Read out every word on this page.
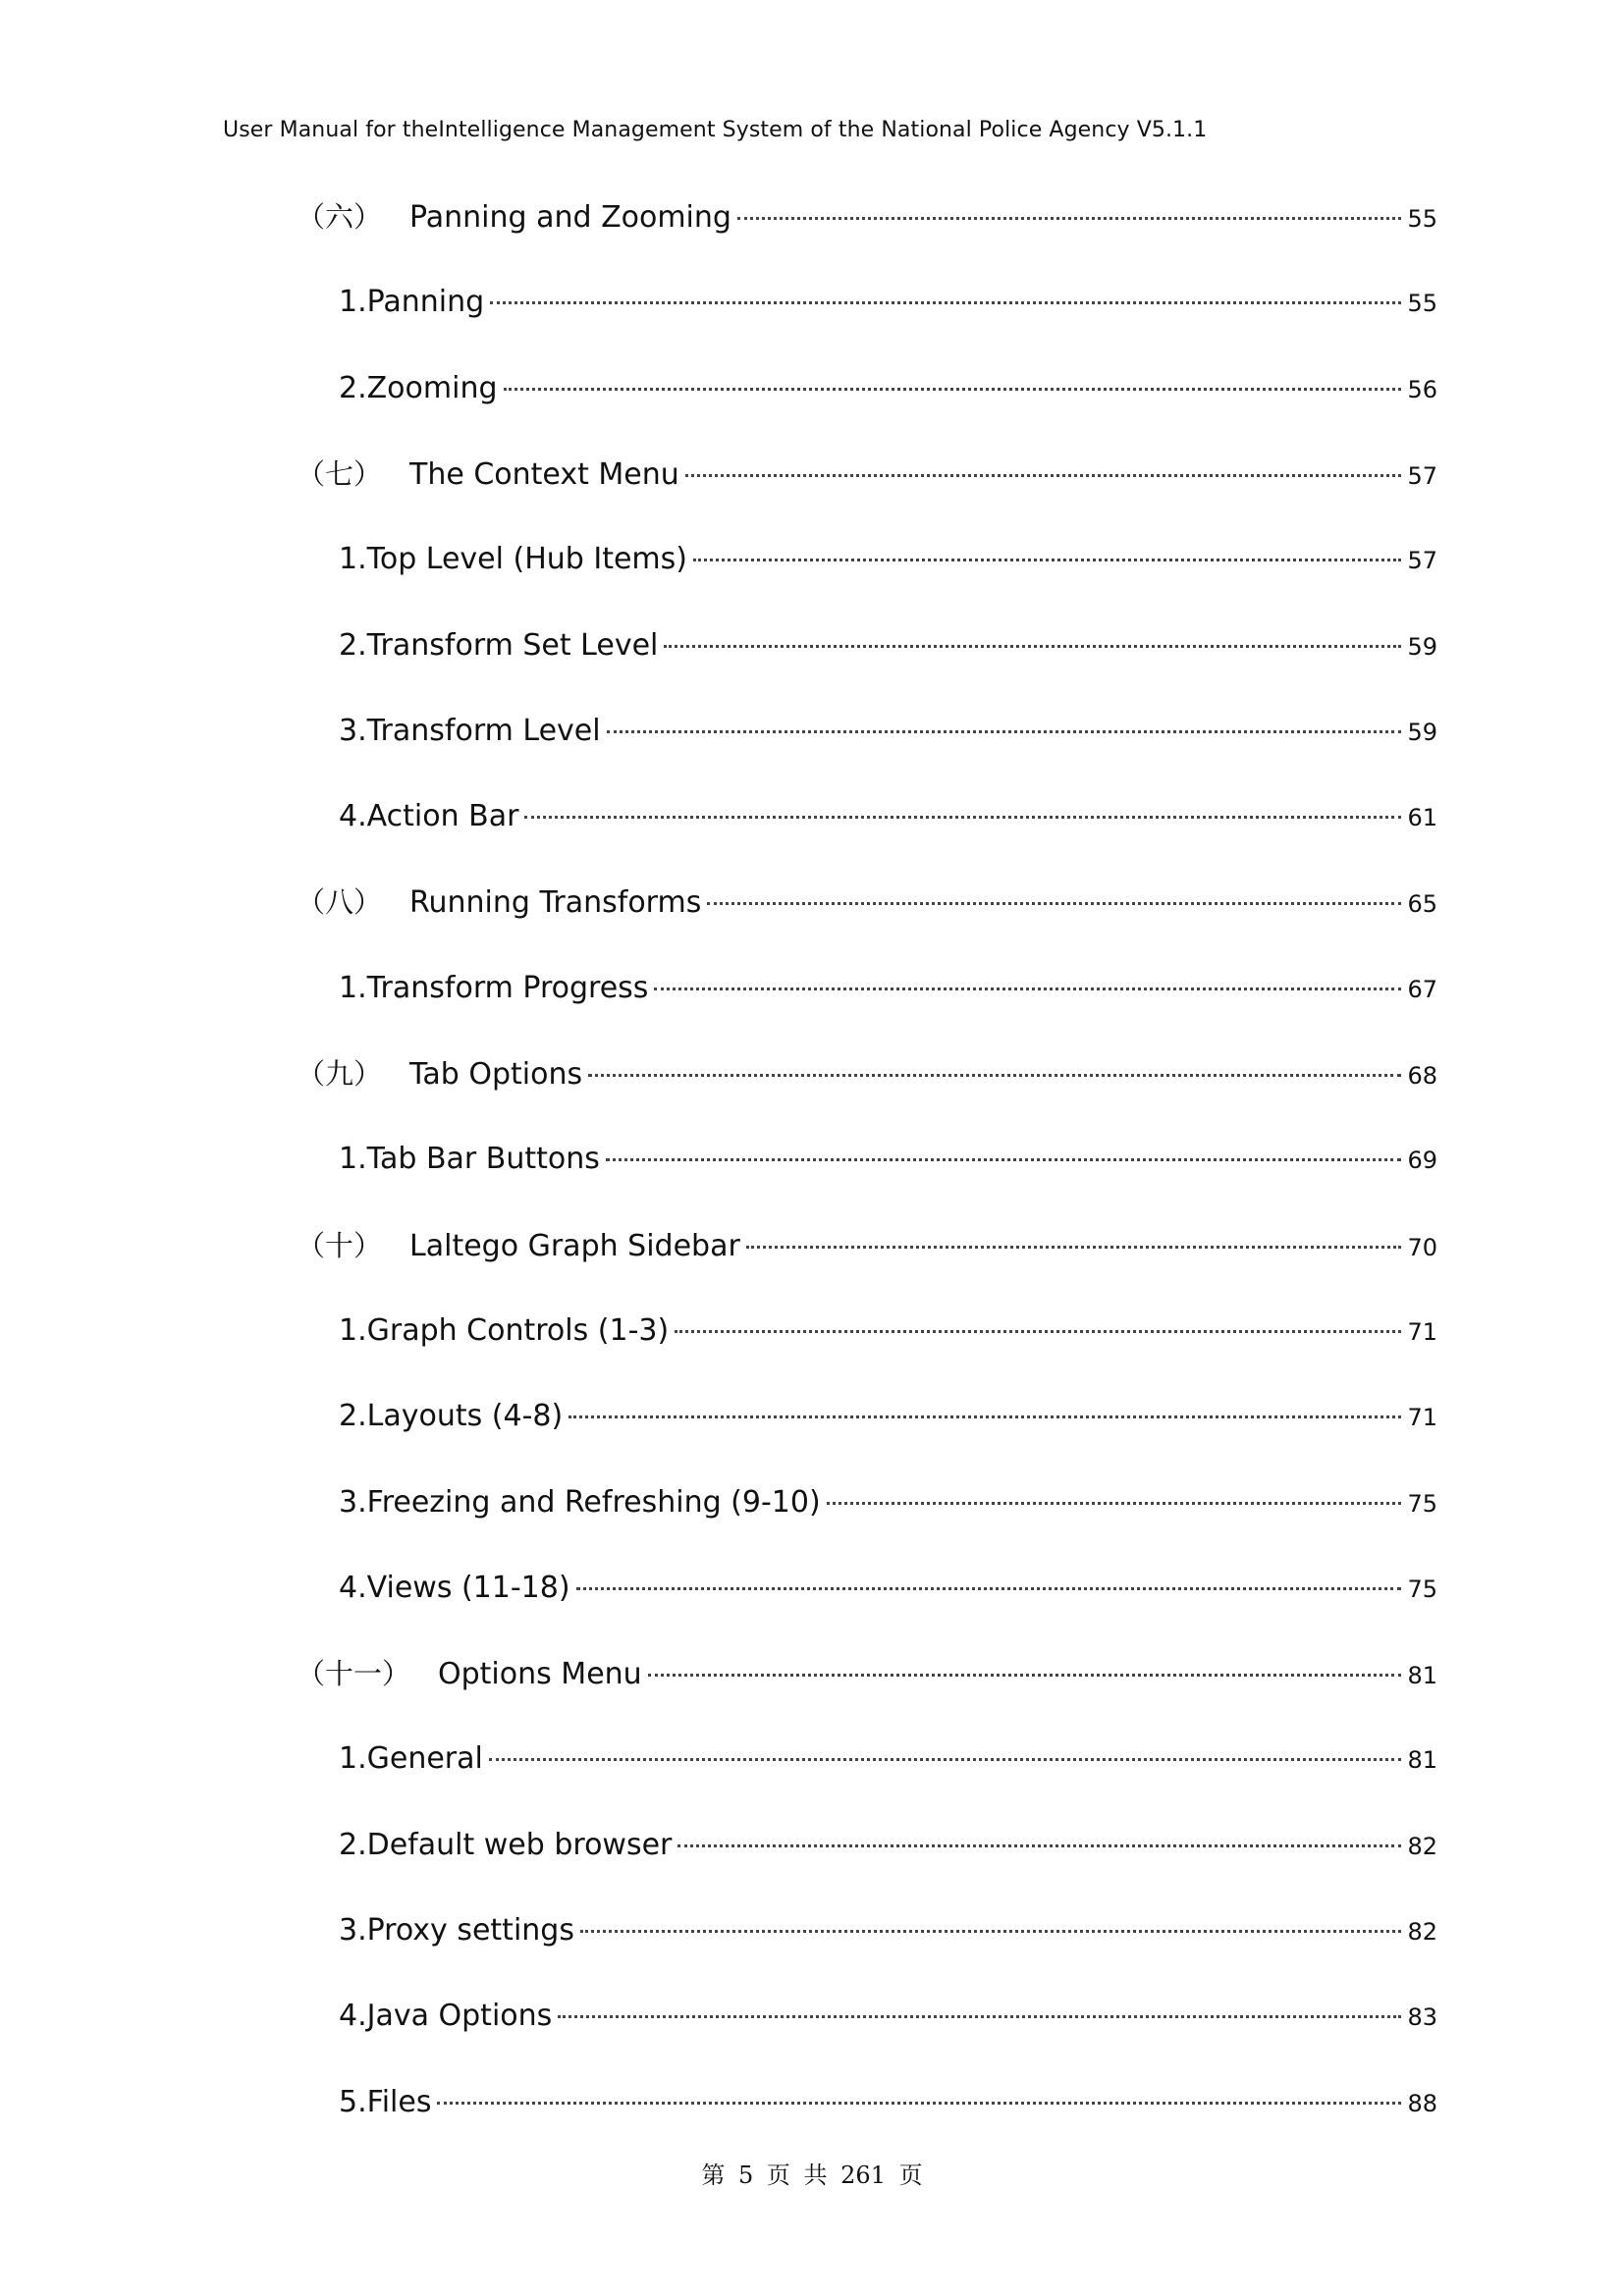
User Manual for theIntelligence Management System of the National Police Agency V5.1.1
（六） Panning and Zooming	55
1.Panning	55
2.Zooming	56
（七） The Context Menu	57
1.Top Level (Hub Items)	57
2.Transform Set Level	59
3.Transform Level	59
4.Action Bar	61
（八） Running Transforms	65
1.Transform Progress	67
（九） Tab Options	68
1.Tab Bar Buttons	69
（十） Laltego Graph Sidebar	70
1.Graph Controls (1-3)	71
2.Layouts (4-8)	71
3.Freezing and Refreshing (9-10)	75
4.Views (11-18)	75
（十一） Options Menu	81
1.General	81
2.Default web browser	82
3.Proxy settings	82
4.Java Options	83
5.Files	88
第 5 页 共 261 页
